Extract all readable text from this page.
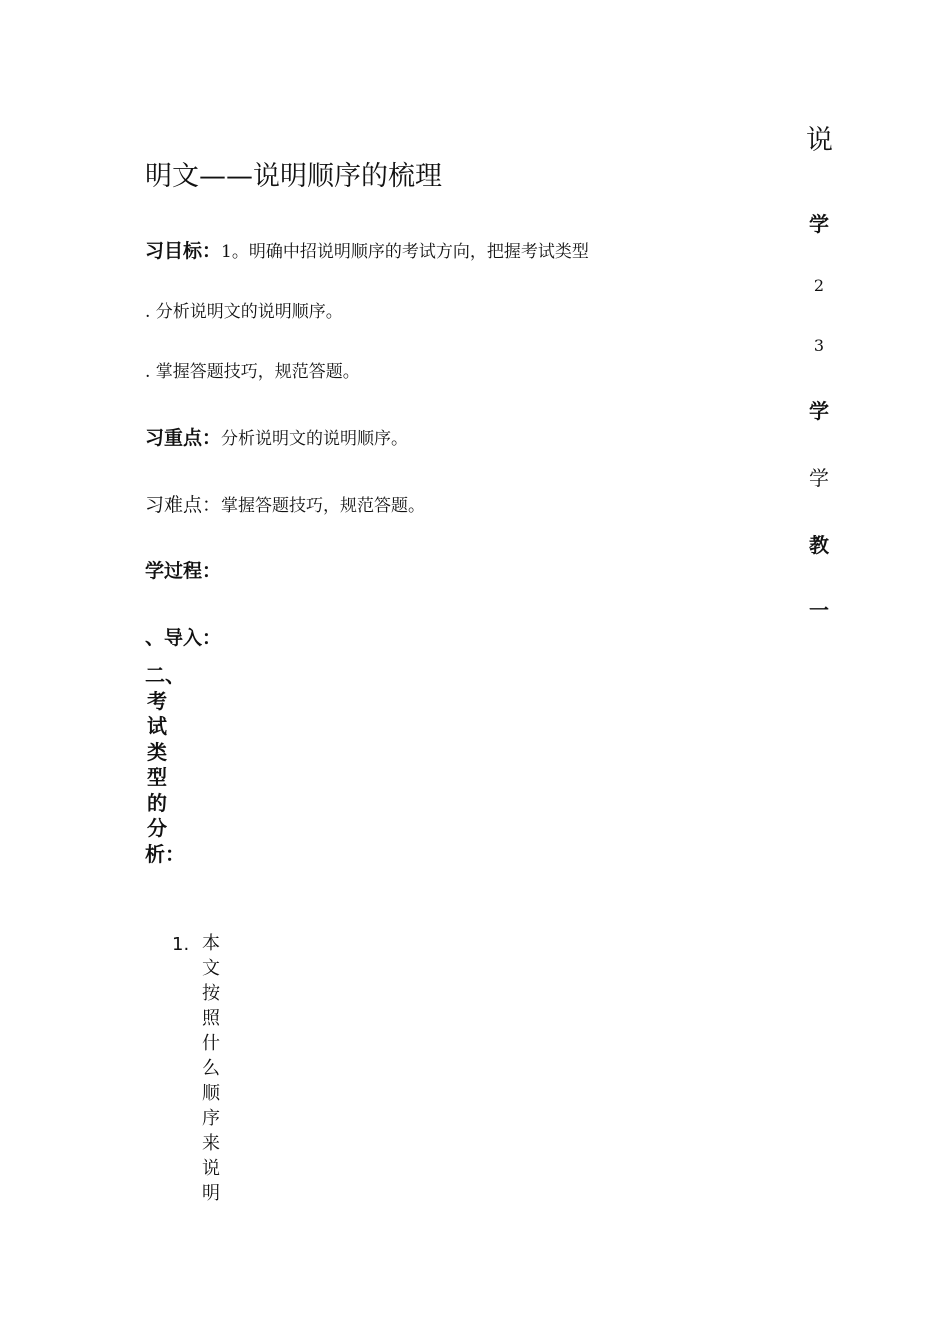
明文——说明顺序的梳理
习目标：1。明确中招说明顺序的考试方向，把握考试类型
. 分析说明文的说明顺序。
. 掌握答题技巧，规范答题。
习重点：分析说明文的说明顺序。
习难点：掌握答题技巧，规范答题。
学过程：
、导入：
二、考试类型的分析：
1. 本文按照什么顺序来说明
说
学
2
3
学
学
教
一
